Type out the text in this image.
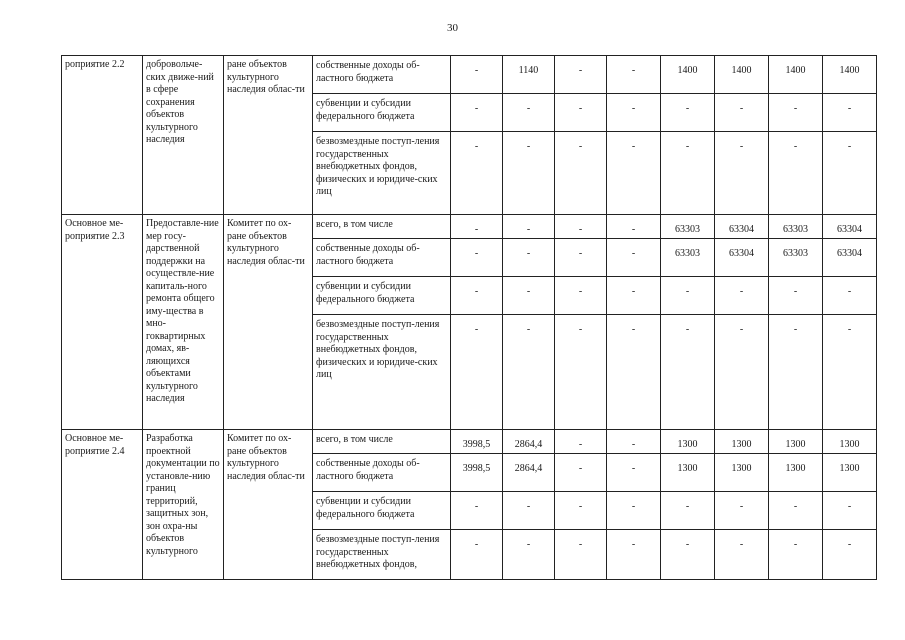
30
роприятие 2.2	добровольче-ских движе-ний в сфере сохранения объектов культурного наследия	ране объектов культурного наследия облас-ти	собственные доходы об-ластного бюджета	-	1140	-	-	1400	1400	1400	1400
			субвенции и субсидии федерального бюджета	-	-	-	-	-	-	-	-
			безвозмездные поступ-ления государственных внебюджетных фондов, физических и юридиче-ских лиц	-	-	-	-	-	-	-	-
Основное ме-роприятие 2.3	Предоставле-ние мер госу-дарственной поддержки на осуществле-ние капиталь-ного ремонта общего иму-щества в мно-гоквартирных домах, яв-ляющихся объектами культурного наследия	Комитет по ох-ране объектов культурного наследия облас-ти	всего, в том числе	-	-	-	-	63303	63304	63303	63304
			собственные доходы об-ластного бюджета	-	-	-	-	63303	63304	63303	63304
			субвенции и субсидии федерального бюджета	-	-	-	-	-	-	-	-
			безвозмездные поступ-ления государственных внебюджетных фондов, физических и юридиче-ских лиц	-	-	-	-	-	-	-	-
Основное ме-роприятие 2.4	Разработка проектной документации по установле-нию границ территорий, защитных зон, зон охра-ны объектов культурного	Комитет по ох-ране объектов культурного наследия облас-ти	всего, в том числе	3998,5	2864,4	-	-	1300	1300	1300	1300
			собственные доходы об-ластного бюджета	3998,5	2864,4	-	-	1300	1300	1300	1300
			субвенции и субсидии федерального бюджета	-	-	-	-	-	-	-	-
			безвозмездные поступ-ления государственных внебюджетных фондов,	-	-	-	-	-	-	-	-
